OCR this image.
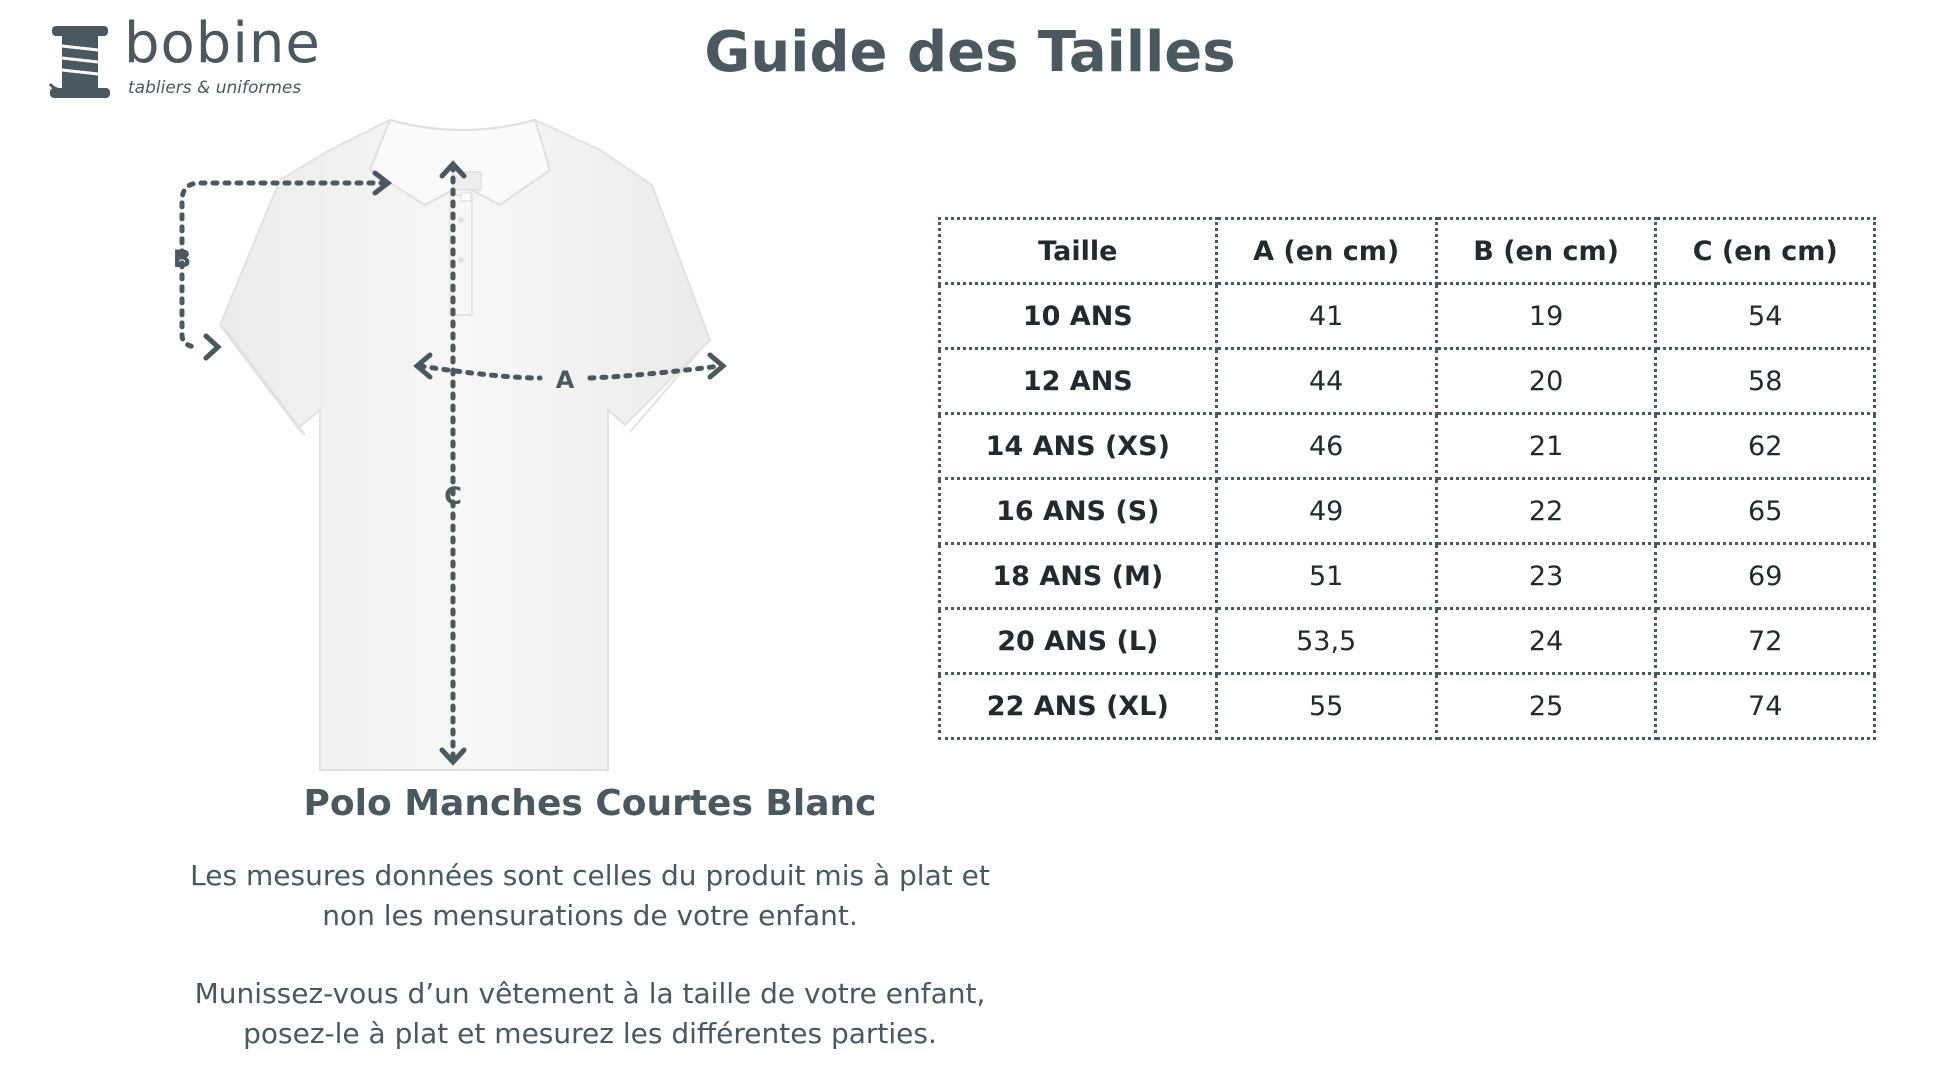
bobine
tabliers & uniformes
Guide des Tailles
A
B
C
Polo Manches Courtes Blanc

Les mesures données sont celles du produit mis à plat et non les mensurations de votre enfant.

Munissez-vous d’un vêtement à la taille de votre enfant, posez-le à plat et mesurez les différentes parties.

Taille	A (en cm)	B (en cm)	C (en cm)
10 ANS	41	19	54
12 ANS	44	20	58
14 ANS (XS)	46	21	62
16 ANS (S)	49	22	65
18 ANS (M)	51	23	69
20 ANS (L)	53,5	24	72
22 ANS (XL)	55	25	74
